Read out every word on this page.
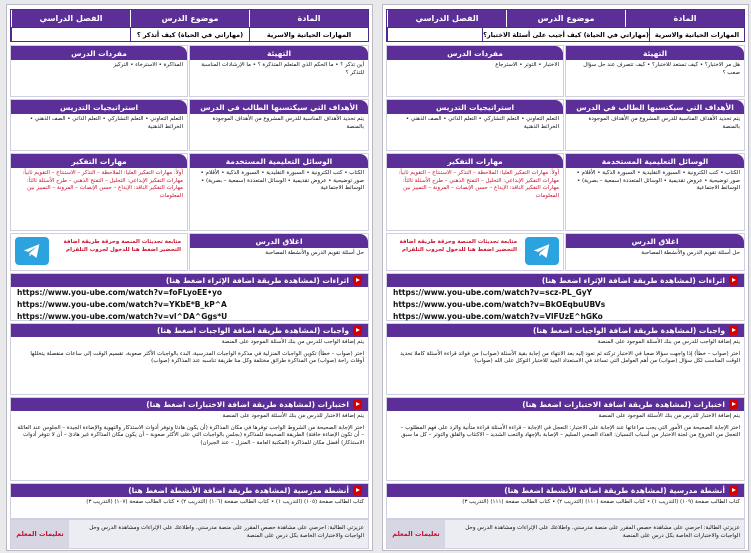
المادة
موضوع الدرس
الفصل الدراسي
المهارات الحياتية والاسرية
(مهاراتي في الحياة) كيف أجيب على أسئلة الاختبار؟
التهيئة
هل مر الاختبار؟ • كيف تستعد للاختبار؟ • كيف تتصرف عند حل سؤال صعب ؟
مفردات الدرس
الاختبار • التوتر • الاسترجاع
الأهداف التي سيكتسبها الطالب في الدرس
يتم تحديد الأهداف المناسبة للدرس المشروع من الأهداف الموجودة بالمنصة
استراتيجيات التدريس
التعلم التعاوني • التعلم التشاركي • التعلم الذاتي • الصف الذهني • الخرائط الذهنية
الوسائل التعليمية المستخدمة
الكتاب • كتب الكترونية • السبورة التقليدية • السبورة الذكية • الأقلام • صور توضيحية • عروض تقديمية • الوسائل المتعددة (سمعية – بصرية) • الوسائط الاجتماعية
مهارات التفكير
أولاً: مهارات التفكير العليا: الملاحظة – التذكر – الاستنتاج – التقويم ثانياً: مهارات التفكير الإبداعي: التحليل – التفتح الذهني – طرح الأسئلة ثالثاً: مهارات التفكير الناقد: الإبداع – حسن الإنصات – المرونة – التمييز بين المعلومات
اغلاق الدرس
حل أسئلة تقويم الدرس والأنشطة المصاحبة
متابعة تحديثات المنصة وحرقة طريقة اضافة التحضير اضغط هنا للدخول لجروب التلقرام
اثراءات (لمشاهدة طريقة اضافة الإثراء اضغط هنا)
https://www.you-ube.com/watch?v=scz-PL_GyY
https://www.you-ube.com/watch?v=BkOEqbuUBVs
https://www.you-ube.com/watch?v=VlFUzE^hGKo
واجبات (لمشاهدة طريقة اضافة الواجبات اضغط هنا)
يتم إضافة الواجب للدرس من بنك الأسئلة الموجود على المنصة
اختر (صواب – خطأ) إذا واجهت سؤالا صعبا في الاختبار تركته ثم تعود إليه بعد الانتهاء من إجابة بقية الأسئلة (صواب) من فوائد قراءة الأسئلة كاملا تحديد الوقت المناسب لكل سؤال (صواب) من أهم العوامل التي تساعد في الاستعداد الجيد للاختبار التوكل على الله (صواب)
اختبارات (لمشاهدة طريقة اضافة الاختبارات اضغط هنا)
يتم إضافة الاختبار للدرس من بنك الأسئلة الموجود على المنصة
اختر الإجابة الصحيحة من الأمور التي يجب مراعاتها عند الإجابة على الاختبار: التعجل في الإجابة – قراءة الأسئلة قراءة متأنية والرد على فهم المطلوب – التعجل من الخروج من لجنة الاختبار من أسباب النسيان: الغذاء الصحي السليم – الإصابة بالإجهاد والتعب الشديد – الاكتئاب والقلق والتوتر – كل ما سبق
أنشطة مدرسية (لمشاهدة طريقة اضافة الأنشطة اضغط هنا)
كتاب الطالب صفحة (١٠٩) (التدريب ١) • كتاب الطالب صفحة (١١٠) (التدريب ٢) • كتاب الطالب صفحة (١١١) (التدريب ٣)
تعليمات المعلم
عزيزتي الطالبة: احرصي على مشاهدة حصص المقرر على منصة مدرستي. واطلاعك على الإثراءات ومشاهدة الدرس وحل الواجبات والاختبارات الخاصة بكل درس على المنصة
المادة
موضوع الدرس
الفصل الدراسي
المهارات الحياتية والاسرية
(مهاراتي في الحياة) كيف أتذكر ؟
التهيئة
أين تذكر ؟ • ما الحكم الذي المتعلم المتذكرة ؟ • ما الإرشادات المناسبة للتذكر ؟
مفردات الدرس
المذاكرة • الاسترخاء • التركيز
الأهداف التي سيكتسبها الطالب في الدرس
يتم تحديد الأهداف المناسبة للدرس المشروع من الأهداف الموجودة بالمنصة
استراتيجيات التدريس
التعلم التعاوني • التعلم التشاركي • التعلم الذاتي • الصف الذهني • الخرائط الذهنية
الوسائل التعليمية المستخدمة
الكتاب • كتب الكترونية • السبورة التقليدية • السبورة الذكية • الأقلام • صور توضيحية • عروض تقديمية • الوسائل المتعددة (سمعية – بصرية) • الوسائط الاجتماعية
مهارات التفكير
أولاً: مهارات التفكير العليا: الملاحظة – التذكر – الاستنتاج – التقويم ثانياً: مهارات التفكير الإبداعي: التحليل – التفتح الذهني – طرح الأسئلة ثالثاً: مهارات التفكير الناقد: الإبداع – حسن الإنصات – المرونة – التمييز بين المعلومات
اغلاق الدرس
حل أسئلة تقويم الدرس والأنشطة المصاحبة
متابعة تحديثات المنصة وحرقة طريقة اضافة التحضير اضغط هنا للدخول لجروب التلقرام
اثراءات (لمشاهدة طريقة اضافة الإثراء اضغط هنا)
https://www.you-ube.com/watch?v=foFLyoEE•yo
https://www.you-ube.com/watch?v=YKbE*B_kP^A
https://www.you-ube.com/watch?v=vl^DA^Ggs*U
واجبات (لمشاهدة طريقة اضافة الواجبات اضغط هنا)
يتم إضافة الواجب للدرس من بنك الأسئلة الموجود على المنصة
اختر (صواب – خطأ) تكوين الواجبات المنزلية في مذكرة الواجبات المدرسية، البدء بالواجبات الأكثر صعوبة، تقسيم الوقت إلى ساعات منفصلة يتخللها أوقات راحة (صواب) من المذاكرة طرائق مختلفة وكل منا طريقة تناسبه عند المذاكرة (صواب)
اختبارات (لمشاهدة طريقة اضافة الاختبارات اضغط هنا)
يتم إضافة الاختبار للدرس من بنك الأسئلة الموجود على المنصة
اختر الإجابة الصحيحة من الشروط الواجب توفرها في مكان المذاكرة (أن يكون هادئا وتوفر أدوات الاستذكار والتهوية والإضاءة الجيدة – الجلوس عند العائلة – أن تكون الإضاءة خافتة) الطريقة الصحيحة للمذاكرة (بجلس بالواجبات التي على الأكثر صعوبة – أن يكون مكان المذاكرة غير هادئ – أن لا تتوفر أدوات الاستذكار) أفضل مكان للمذاكرة (المكتبة العامة – المنزل – عند الجيران)
أنشطة مدرسية (لمشاهدة طريقة اضافة الأنشطة اضغط هنا)
كتاب الطالب صفحة (١٠٥) (التدريب ١) • كتاب الطالب صفحة (١٠٦) (التدريب ٢) • كتاب الطالب صفحة (١٠٧) (التدريب ٣)
تعليمات المعلم
عزيزتي الطالبة: احرصي على مشاهدة حصص المقرر على منصة مدرستي. واطلاعك على الإثراءات ومشاهدة الدرس وحل الواجبات والاختبارات الخاصة بكل درس على المنصة
